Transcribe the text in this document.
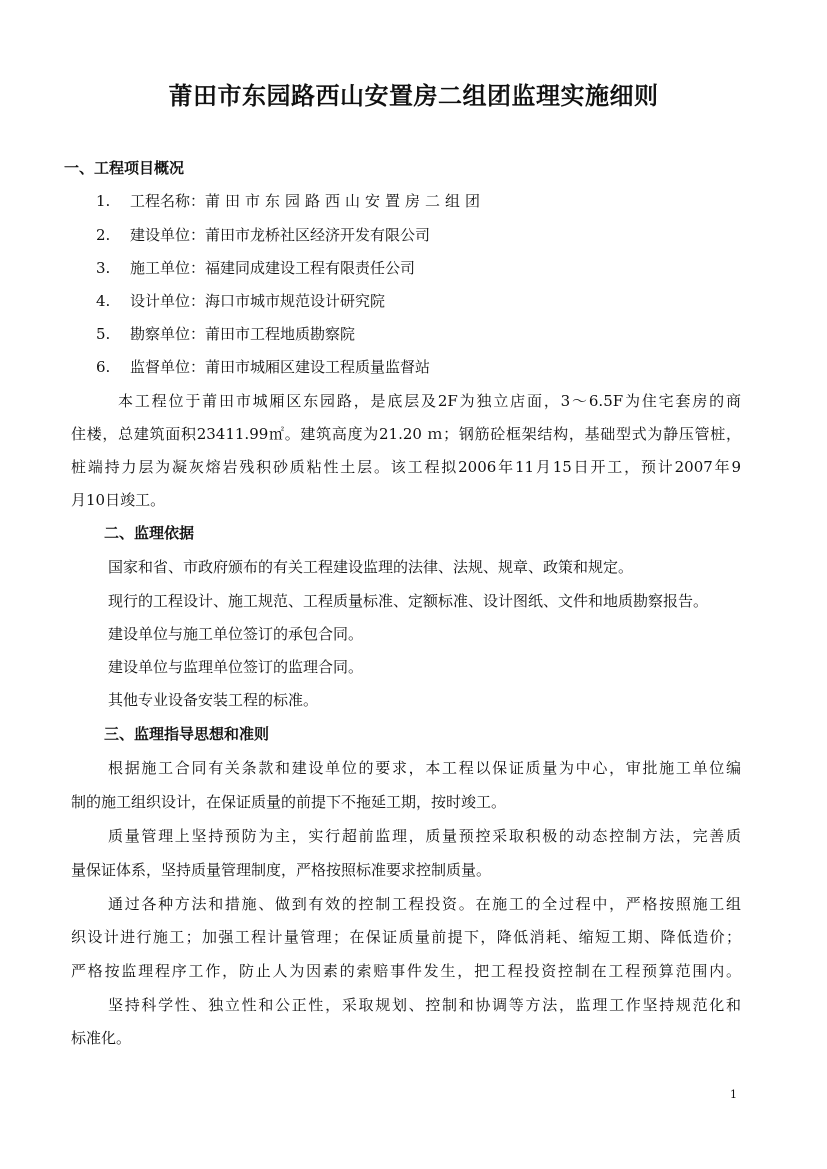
莆田市东园路西山安置房二组团监理实施细则
一、工程项目概况
1. 工程名称：莆田市东园路西山安置房二组团
2. 建设单位：莆田市龙桥社区经济开发有限公司
3. 施工单位：福建同成建设工程有限责任公司
4. 设计单位：海口市城市规范设计研究院
5. 勘察单位：莆田市工程地质勘察院
6. 监督单位：莆田市城厢区建设工程质量监督站
本工程位于莆田市城厢区东园路，是底层及2F为独立店面，3～6.5F为住宅套房的商
住楼，总建筑面积23411.99㎡。建筑高度为21.20 ｍ；钢筋砼框架结构，基础型式为静压管桩，
桩端持力层为凝灰熔岩残积砂质粘性土层。该工程拟2006年11月15日开工，预计2007年9
月10日竣工。
二、监理依据
国家和省、市政府颁布的有关工程建设监理的法律、法规、规章、政策和规定。
现行的工程设计、施工规范、工程质量标准、定额标准、设计图纸、文件和地质勘察报告。
建设单位与施工单位签订的承包合同。
建设单位与监理单位签订的监理合同。
其他专业设备安装工程的标准。
三、监理指导思想和准则
根据施工合同有关条款和建设单位的要求，本工程以保证质量为中心，审批施工单位编
制的施工组织设计，在保证质量的前提下不拖延工期，按时竣工。
质量管理上坚持预防为主，实行超前监理，质量预控采取积极的动态控制方法，完善质
量保证体系，坚持质量管理制度，严格按照标准要求控制质量。
通过各种方法和措施、做到有效的控制工程投资。在施工的全过程中，严格按照施工组
织设计进行施工；加强工程计量管理；在保证质量前提下，降低消耗、缩短工期、降低造价；
严格按监理程序工作，防止人为因素的索赔事件发生，把工程投资控制在工程预算范围内。
坚持科学性、独立性和公正性，采取规划、控制和协调等方法，监理工作坚持规范化和
标准化。
1
